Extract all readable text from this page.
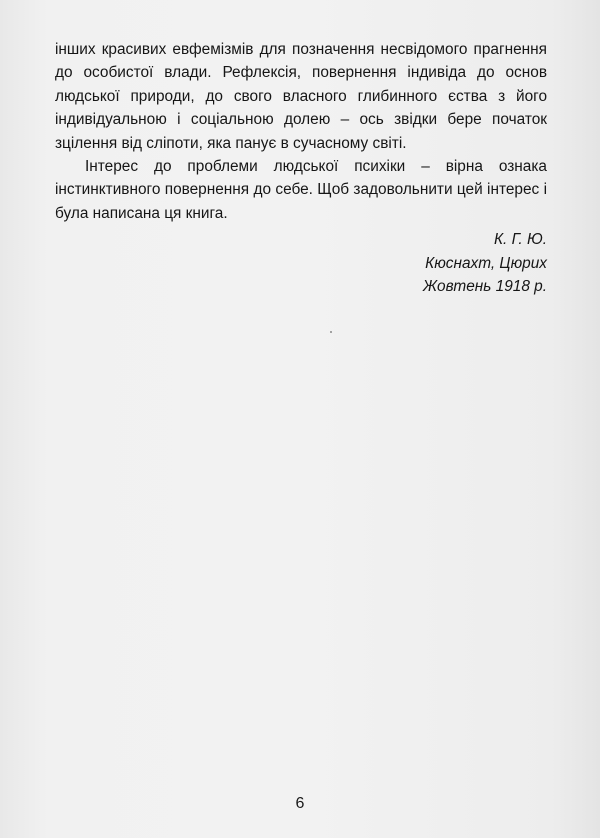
інших красивих евфемізмів для позначення несвідомого прагнення до особистої влади. Рефлексія, повернення індивіда до основ людської природи, до свого власного глибинного єства з його індивідуальною і соціальною долею – ось звідки бере початок зцілення від сліпоти, яка панує в сучасному світі.

Інтерес до проблеми людської психіки – вірна ознака інстинктивного повернення до себе. Щоб задовольнити цей інтерес і була написана ця книга.

К. Г. Ю.
Кюснахт, Цюрих
Жовтень 1918 р.
6
